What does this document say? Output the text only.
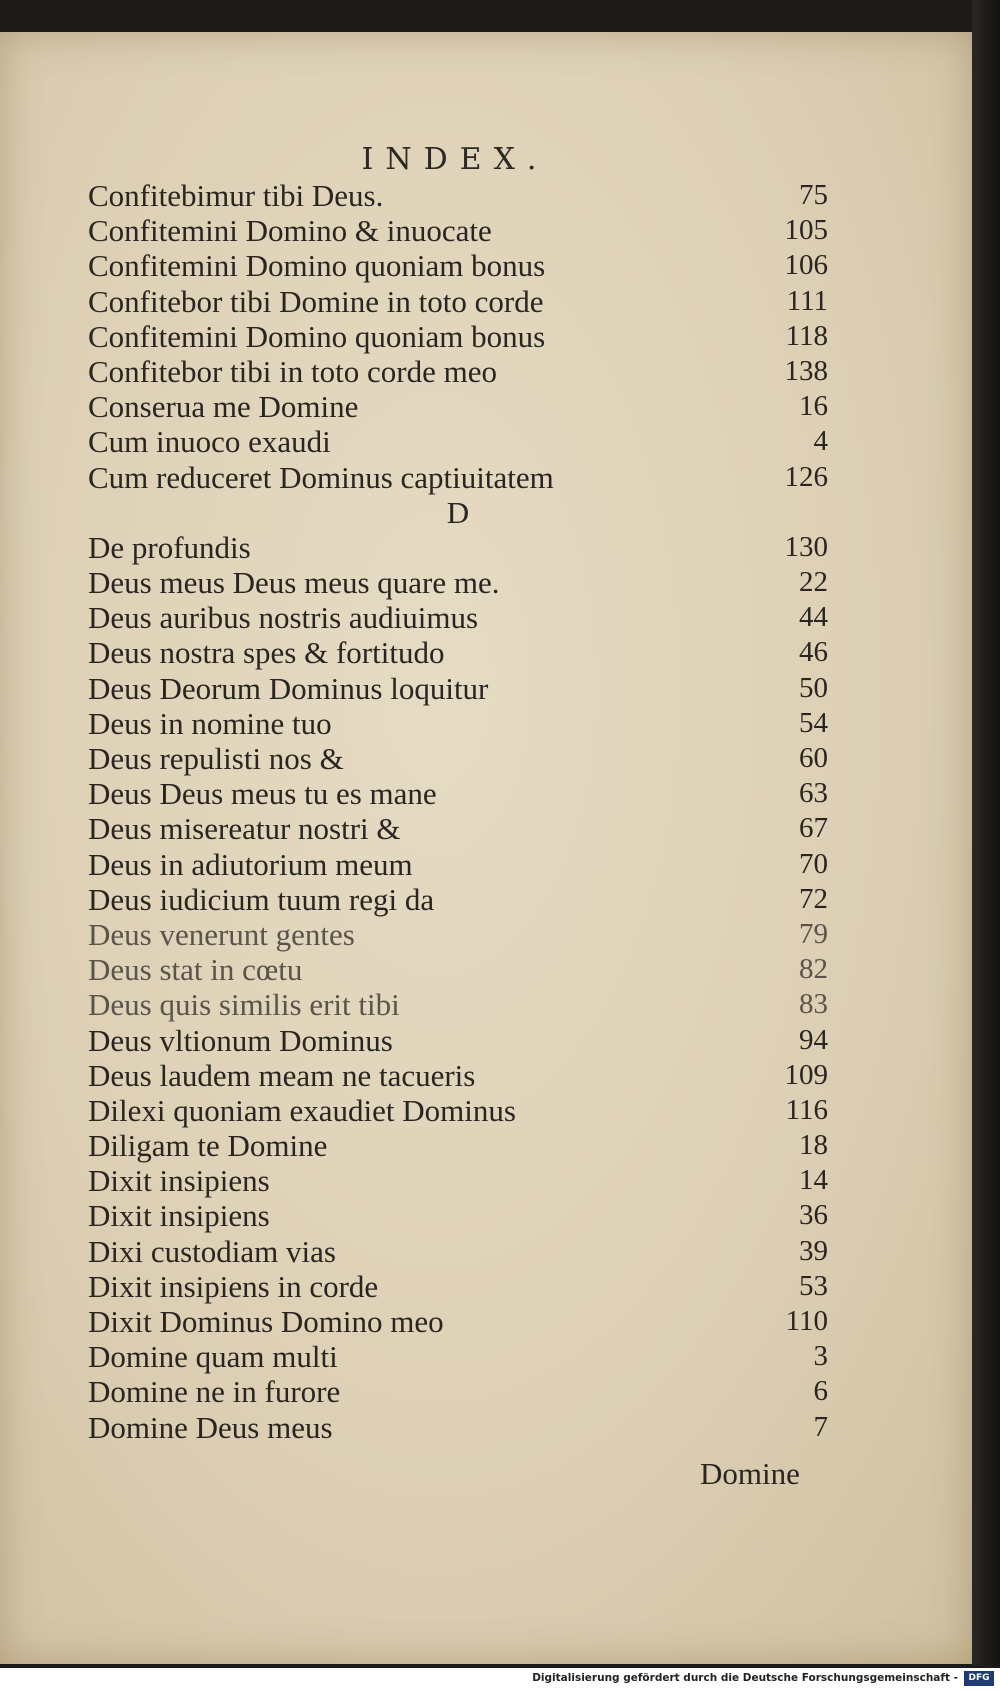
INDEX.
Confitebimur tibi Deus.	75
Confitemini Domino & inuocate	105
Confitemini Domino quoniam bonus	106
Confitebor tibi Domine in toto corde	111
Confitemini Domino quoniam bonus	118
Confitebor tibi in toto corde meo	138
Conserua me Domine	16
Cum inuoco exaudi	4
Cum reduceret Dominus captiuitatem	126
D
De profundis	130
Deus meus Deus meus quare me.	22
Deus auribus nostris audiuimus	44
Deus nostra spes & fortitudo	46
Deus Deorum Dominus loquitur	50
Deus in nomine tuo	54
Deus repulisti nos &	60
Deus Deus meus tu es mane	63
Deus misereatur nostri &	67
Deus in adiutorium meum	70
Deus iudicium tuum regi da	72
Deus venerunt gentes	79
Deus stat in cœtu	82
Deus quis similis erit tibi	83
Deus vltionum Dominus	94
Deus laudem meam ne tacueris	109
Dilexi quoniam exaudiet Dominus	116
Diligam te Domine	18
Dixit insipiens	14
Dixit insipiens	36
Dixi custodiam vias	39
Dixit insipiens in corde	53
Dixit Dominus Domino meo	110
Domine quam multi	3
Domine ne in furore	6
Domine Deus meus	7
Domine
Digitalisierung gefördert durch die Deutsche Forschungsgemeinschaft -	DFG
